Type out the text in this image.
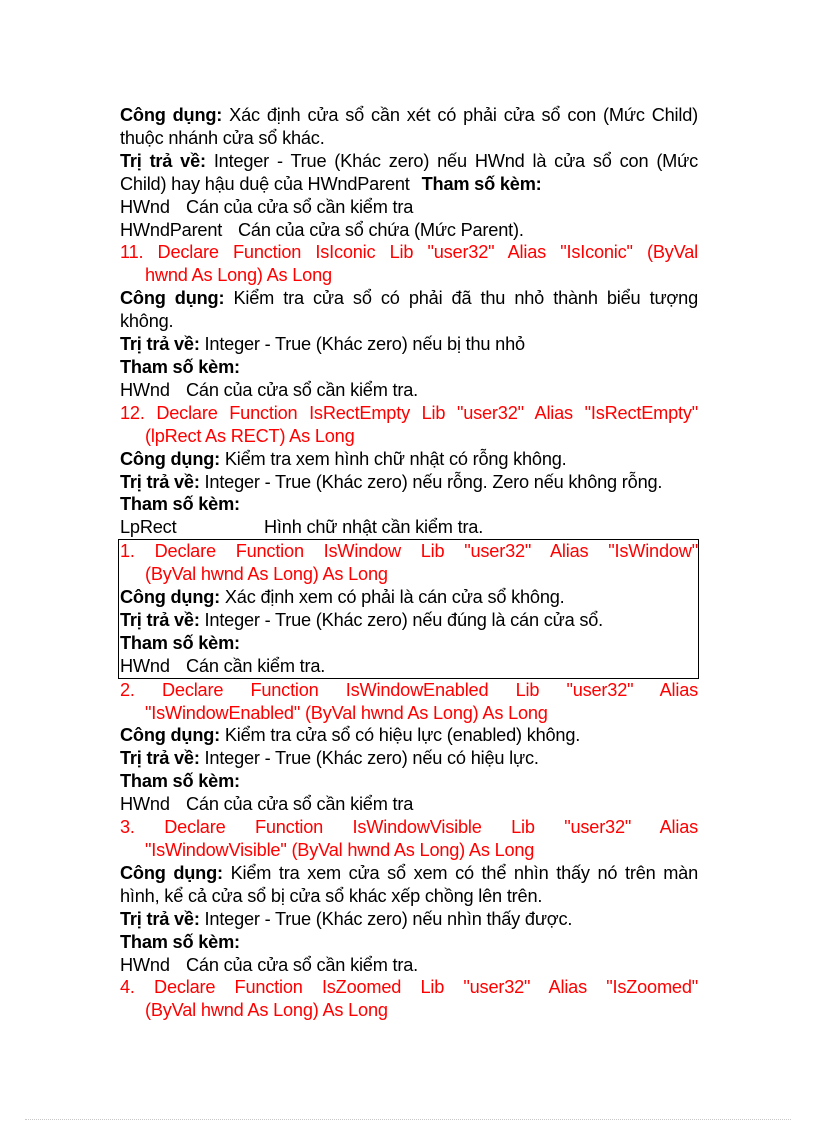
Công dụng: Xác định cửa sổ cần xét có phải cửa sổ con (Mức Child)
thuộc nhánh cửa sổ khác.
Trị trả về: Integer - True (Khác zero) nếu HWnd là cửa sổ con (Mức
Child) hay hậu duệ của HWndParent Tham số kèm:
HWnd Cán của cửa sổ cần kiểm tra
HWndParent Cán của cửa sổ chứa (Mức Parent).
11. Declare Function IsIconic Lib "user32" Alias "IsIconic" (ByVal
hwnd As Long) As Long
Công dụng: Kiểm tra cửa sổ có phải đã thu nhỏ thành biểu tượng
không.
Trị trả về: Integer - True (Khác zero) nếu bị thu nhỏ
Tham số kèm:
HWnd Cán của cửa sổ cần kiểm tra.
12. Declare Function IsRectEmpty Lib "user32" Alias "IsRectEmpty"
(lpRect As RECT) As Long
Công dụng: Kiểm tra xem hình chữ nhật có rỗng không.
Trị trả về: Integer - True (Khác zero) nếu rỗng. Zero nếu không rỗng.
Tham số kèm:
LpRect	Hình chữ nhật cần kiểm tra.
1. Declare Function IsWindow Lib "user32" Alias "IsWindow"
(ByVal hwnd As Long) As Long
Công dụng: Xác định xem có phải là cán cửa sổ không.
Trị trả về: Integer - True (Khác zero) nếu đúng là cán cửa sổ.
Tham số kèm:
HWnd Cán cần kiểm tra.
2. Declare Function IsWindowEnabled Lib "user32" Alias
"IsWindowEnabled" (ByVal hwnd As Long) As Long
Công dụng: Kiểm tra cửa sổ có hiệu lực (enabled) không.
Trị trả về: Integer - True (Khác zero) nếu có hiệu lực.
Tham số kèm:
HWnd Cán của cửa sổ cần kiểm tra
3. Declare Function IsWindowVisible Lib "user32" Alias
"IsWindowVisible" (ByVal hwnd As Long) As Long
Công dụng: Kiểm tra xem cửa sổ xem có thể nhìn thấy nó trên màn
hình, kể cả cửa sổ bị cửa sổ khác xếp chồng lên trên.
Trị trả về: Integer - True (Khác zero) nếu nhìn thấy được.
Tham số kèm:
HWnd Cán của cửa sổ cần kiểm tra.
4. Declare Function IsZoomed Lib "user32" Alias "IsZoomed"
(ByVal hwnd As Long) As Long
